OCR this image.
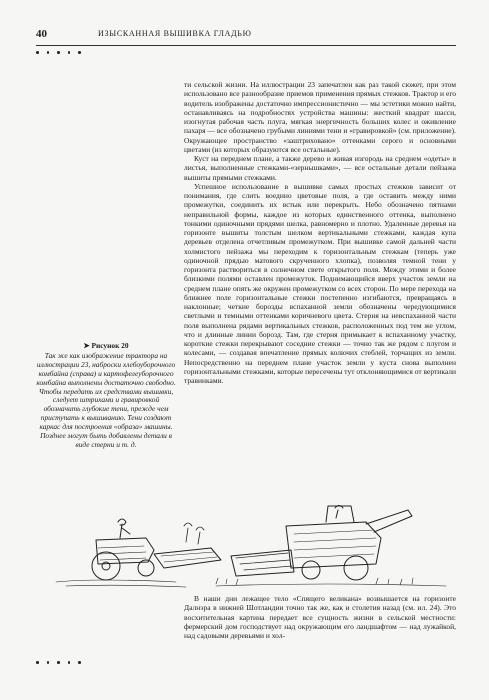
40	ИЗЫСКАННАЯ ВЫШИВКА ГЛАДЬЮ

ти сельской жизни. На иллюстрации 23 запечатлен как раз такой сюжет, при этом использовано все разнообразие приемов применения прямых стежков. Трактор и его водитель изображены достаточно импрессионистично — мы эстетики можно найти, останавливаясь на подробностях устройства машины: жесткий квадрат шасси, изогнутая рабочая часть плуга, мягкая энергичность больших колес и оживление пахаря — все обозначено грубыми линиями тени и «гравировкой» (см. приложение). Окружающее пространство «заштриховано» оттенками серого и основными цветами (из которых образуются все остальные).

Куст на переднем плане, а также дерево и живая изгородь на среднем «одеты» в листья, выполненные стежками-«зернышками», — все остальные детали пейзажа вышиты прямыми стежками.

Успешное использование в вышивке самых простых стежков зависит от понимания, где слить воедино цветовые поля, а где оставить между ними промежутки, соединить их встык или перекрыть. Небо обозначено пятнами неправильной формы, каждое из которых единственного оттенка, выполнено тонкими одиночными прядями шелка, равномерно и плотно. Удаленные деревья на горизонте вышиты толстым шелком вертикальными стежками, каждая купа деревьев отделена отчетливым промежутком. При вышивке самой дальней части холмистого пейзажа мы переходим к горизонтальным стежкам (теперь уже одиночной прядью матового скрученного хлопка), позволяя темной тени у горизонта раствориться в солнечном свете открытого поля. Между этими и более близкими полями оставлен промежуток. Поднимающийся вверх участок земли на среднем плане опять же окружен промежутком со всех сторон. По мере перехода на ближнее поле горизонтальные стежки постепенно изгибаются, превращаясь в наклонные; четкие борозды вспаханной земли обозначены чередующимися светлыми и темными оттенками коричневого цвета. Стерня на невспаханной части поля выполнена рядами вертикальных стежков, расположенных под тем же углом, что и длинные линии борозд. Там, где стерня примыкает к вспаханному участку, короткие стежки перекрывают соседние стежки — точно так же рядом с плугом и колесами, — создавая впечатление прямых колючих стеблей, торчащих из земли. Непосредственно на переднем плане участок земли у куста снова выполнен горизонтальными стежками, которые пересечены тут отклоняющимися от вертикали травинками.

➤ Рисунок 20
Так же как изображение трактора на иллюстрации 23, наброски хлебоуборочного комбайна (справа) и картофелеуборочного комбайна выполнены достаточно свободно. Чтобы передать их средствами вышивки, следует штрихами и гравировкой обозначить глубокие тени, прежде чем приступать к вышиванию. Тени создают каркас для построения «образа» машины. Позднее могут быть добавлены детали в виде стерни и т. д.

В наши дни лежащее тело «Спящего великана» возвышается на горизонте Далнэра в нижней Шотландии точно так же, как и столетия назад (см. ил. 24). Это восхитительная картина передает все сущность жизни в сельской местности: фермерский дом господствует над окружающим его ландшафтом — над лужайкой, над садовыми деревьями и хол-
